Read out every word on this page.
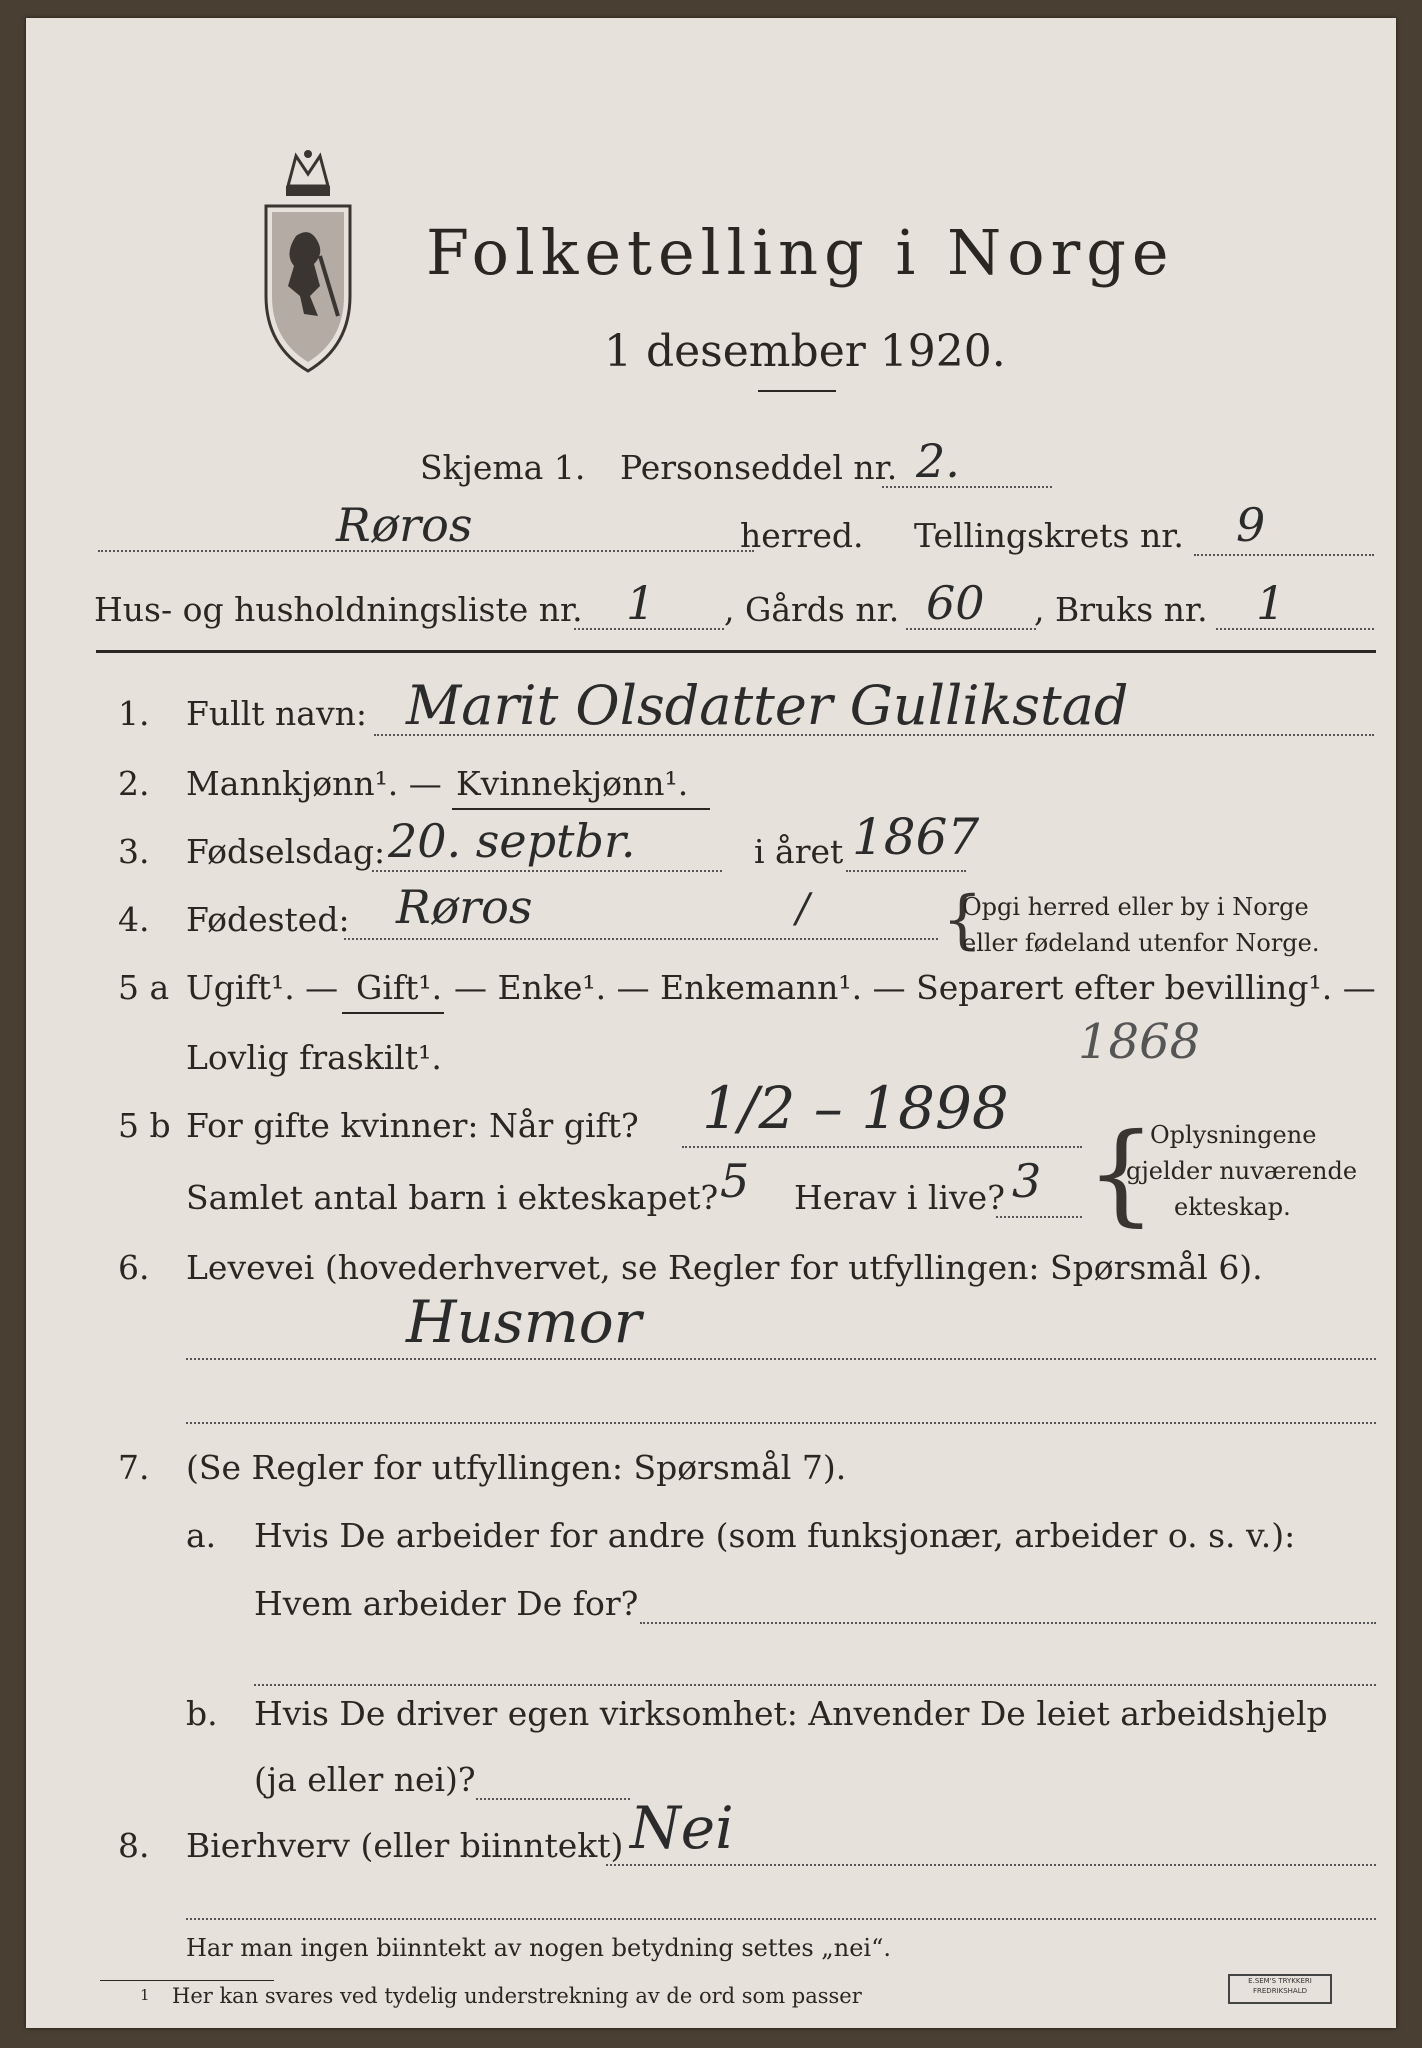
Folketelling i Norge
1 desember 1920.
Skjema 1. Personseddel nr. 2.
Røros	herred. Tellingskrets nr. 9
Hus- og husholdningsliste nr. 1 , Gårds nr. 60 , Bruks nr. 1
1. Fullt navn: Marit Olsdatter Gullikstad
2. Mannkjønn¹. — Kvinnekjønn¹.
3. Fødselsdag: 20. septbr.	i året 1867
4. Fødested: Røros	/ {
Opgi herred eller by i Norge
eller fødeland utenfor Norge.
5 a Ugift¹. — Gift¹. — Enke¹. — Enkemann¹. — Separert efter bevilling¹. —
Lovlig fraskilt¹.	1868
5 b For gifte kvinner: Når gift? 1/2 – 1898
Samlet antal barn i ekteskapet? 5 Herav i live? 3 {
Oplysningene
gjelder nuværende
ekteskap.
6. Levevei (hovederhvervet, se Regler for utfyllingen: Spørsmål 6).
Husmor
7. (Se Regler for utfyllingen: Spørsmål 7).
a. Hvis De arbeider for andre (som funksjonær, arbeider o. s. v.):
Hvem arbeider De for?
b. Hvis De driver egen virksomhet: Anvender De leiet arbeidshjelp
(ja eller nei)?
8. Bierhverv (eller biinntekt) Nei
Har man ingen biinntekt av nogen betydning settes „nei“.
1 Her kan svares ved tydelig understrekning av de ord som passer
E.SEM'S TRYKKERI FREDRIKSHALD
